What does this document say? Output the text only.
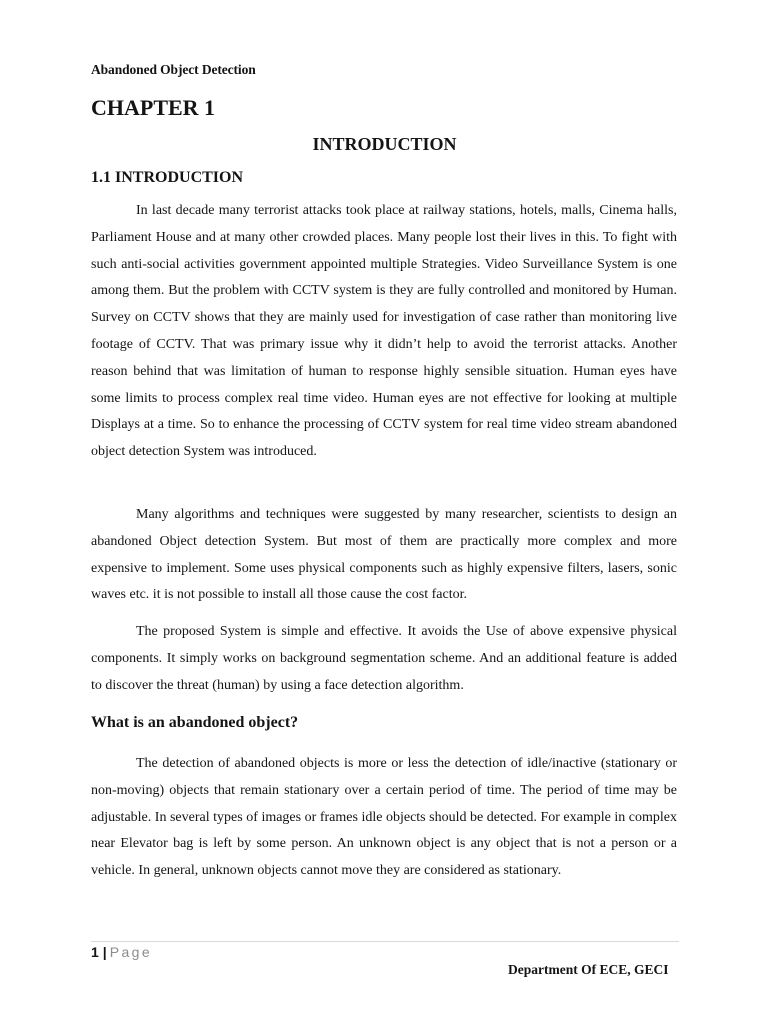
Abandoned Object Detection
CHAPTER 1
INTRODUCTION
1.1 INTRODUCTION

In last decade many terrorist attacks took place at railway stations, hotels, malls, Cinema halls, Parliament House and at many other crowded places. Many people lost their lives in this. To fight with such anti-social activities government appointed multiple Strategies. Video Surveillance System is one among them. But the problem with CCTV system is they are fully controlled and monitored by Human. Survey on CCTV shows that they are mainly used for investigation of case rather than monitoring live footage of CCTV. That was primary issue why it didn’t help to avoid the terrorist attacks. Another reason behind that was limitation of human to response highly sensible situation. Human eyes have some limits to process complex real time video. Human eyes are not effective for looking at multiple Displays at a time. So to enhance the processing of CCTV system for real time video stream abandoned object detection System was introduced.

Many algorithms and techniques were suggested by many researcher, scientists to design an abandoned Object detection System. But most of them are practically more complex and more expensive to implement. Some uses physical components such as highly expensive filters, lasers, sonic waves etc. it is not possible to install all those cause the cost factor.

The proposed System is simple and effective. It avoids the Use of above expensive physical components. It simply works on background segmentation scheme. And an additional feature is added to discover the threat (human) by using a face detection algorithm.

What is an abandoned object?

The detection of abandoned objects is more or less the detection of idle/inactive (stationary or non-moving) objects that remain stationary over a certain period of time. The period of time may be adjustable. In several types of images or frames idle objects should be detected. For example in complex near Elevator bag is left by some person. An unknown object is any object that is not a person or a vehicle. In general, unknown objects cannot move they are considered as stationary.

1 | Page
Department Of ECE, GECI
